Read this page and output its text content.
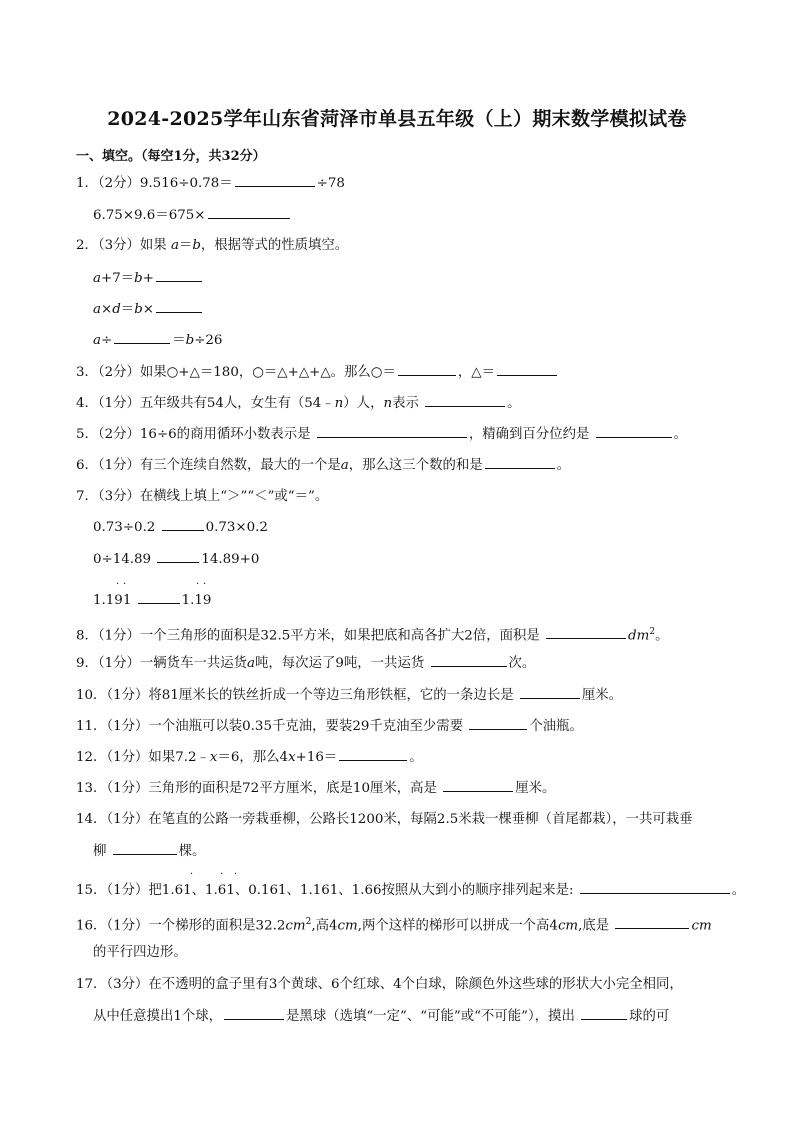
2024-2025学年山东省菏泽市单县五年级（上）期末数学模拟试卷
一、填空。（每空1分，共32分）
1．（2分）9.516÷0.78＝	÷78
6.75×9.6＝675×
2．（3分）如果 a＝b，根据等式的性质填空。
a+7＝b+
a×d＝b×
a÷	＝b÷26
3．（2分）如果○+△＝180，○＝△+△+△。那么○＝	，△＝
4．（1分）五年级共有54人，女生有（54﹣n）人，n表示	。
5．（2分）16÷6的商用循环小数表示是	，精确到百分位约是	。
6．（1分）有三个连续自然数，最大的一个是a，那么这三个数的和是	。
7．（3分）在横线上填上“＞”“＜”或“＝”。
0.73÷0.2	0.73×0.2
0÷14.89	14.89+0
· ·	· ·
1.191	1.19
8．（1分）一个三角形的面积是32.5平方米，如果把底和高各扩大2倍，面积是	$dm^2$。
9．（1分）一辆货车一共运货a吨，每次运了9吨，一共运货	次。
10．（1分）将81厘米长的铁丝折成一个等边三角形铁框，它的一条边长是	厘米。
11．（1分）一个油瓶可以装0.35千克油，要装29千克油至少需要	个油瓶。
12．（1分）如果7.2﹣x＝6，那么4x+16＝	。
13．（1分）三角形的面积是72平方厘米，底是10厘米，高是	厘米。
14．（1分）在笔直的公路一旁栽垂柳，公路长1200米，每隔2.5米栽一棵垂柳（首尾都栽），一共可栽垂
柳	棵。
·	· ·
15．（1分）把1.61、1.61、0.161、1.161、1.66按照从大到小的顺序排列起来是:	。
16．（1分）一个梯形的面积是$32.2cm^2$,高4cm,两个这样的梯形可以拼成一个高4cm,底是	cm
的平行四边形。
17．（3分）在不透明的盒子里有3个黄球、6个红球、4个白球，除颜色外这些球的形状大小完全相同，
从中任意摸出1个球，	是黑球（选填“一定”、“可能”或“不可能”），摸出	球的可
